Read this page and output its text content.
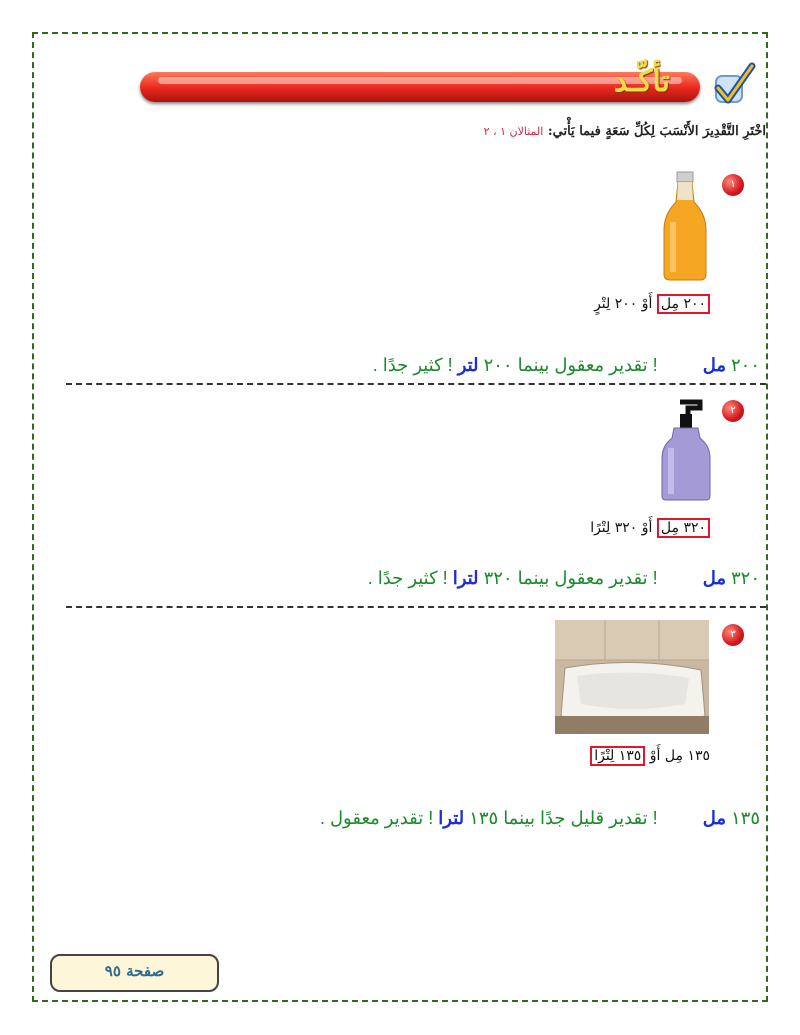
تأكّـد
اخْتَرِ التَّقْدِيرَ الأَنْسَبَ لِكُلِّ سَعَةٍ فيما يَأْتي: المثالان ١ ، ٢
١
٢٠٠ مِل أَوْ ٢٠٠ لِتْرٍ
٢٠٠ مل         ! تقدير معقول بينما ٢٠٠ لتر ! كثير جدًا .
٢
٣٢٠ مِل أَوْ ٣٢٠ لِتْرًا
٣٢٠ مل         ! تقدير معقول بينما ٣٢٠ لترا ! كثير جدًا .
٣
١٣٥ مِل أَوْ ١٣٥ لِتْرًا
١٣٥ مل         ! تقدير قليل جدًا بينما ١٣٥ لترا ! تقدير معقول .
صفحة ٩٥
